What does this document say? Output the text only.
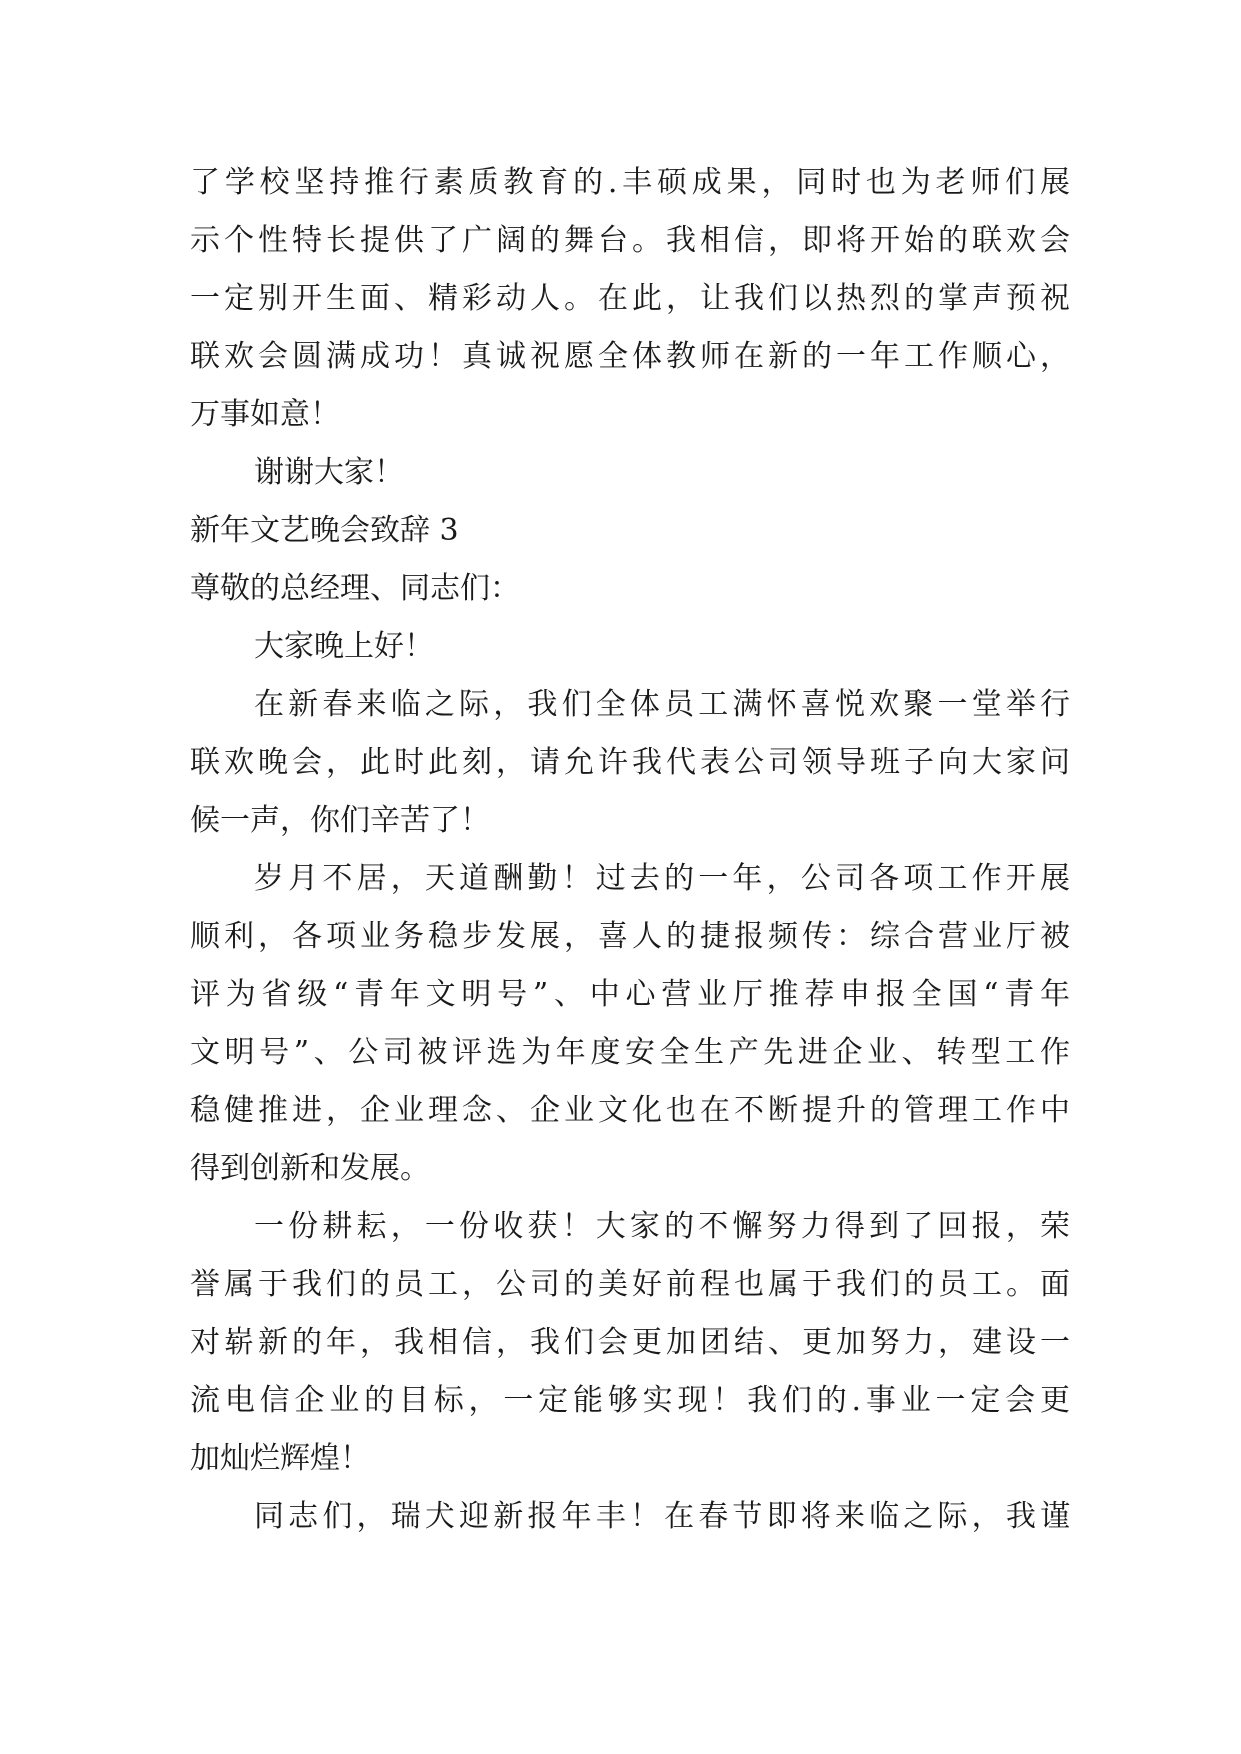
了学校坚持推行素质教育的.丰硕成果，同时也为老师们展
示个性特长提供了广阔的舞台。我相信，即将开始的联欢会
一定别开生面、精彩动人。在此，让我们以热烈的掌声预祝
联欢会圆满成功！真诚祝愿全体教师在新的一年工作顺心，
万事如意！
谢谢大家！
新年文艺晚会致辞 3
尊敬的总经理、同志们：
大家晚上好！
在新春来临之际，我们全体员工满怀喜悦欢聚一堂举行
联欢晚会，此时此刻，请允许我代表公司领导班子向大家问
候一声，你们辛苦了！
岁月不居，天道酬勤！过去的一年，公司各项工作开展
顺利，各项业务稳步发展，喜人的捷报频传：综合营业厅被
评为省级“青年文明号”、中心营业厅推荐申报全国“青年
文明号”、公司被评选为年度安全生产先进企业、转型工作
稳健推进，企业理念、企业文化也在不断提升的管理工作中
得到创新和发展。
一份耕耘，一份收获！大家的不懈努力得到了回报，荣
誉属于我们的员工，公司的美好前程也属于我们的员工。面
对崭新的年，我相信，我们会更加团结、更加努力，建设一
流电信企业的目标，一定能够实现！我们的.事业一定会更
加灿烂辉煌！
同志们，瑞犬迎新报年丰！在春节即将来临之际，我谨
